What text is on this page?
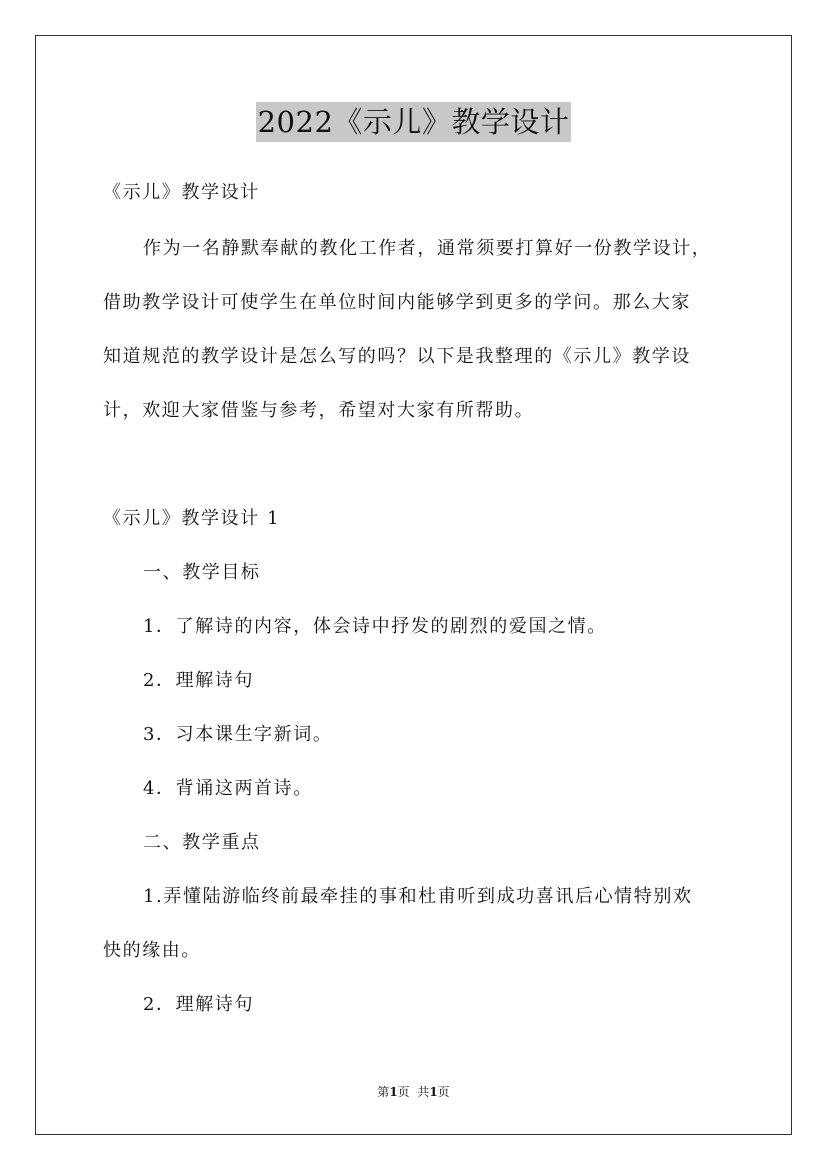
2022《示儿》教学设计
《示儿》教学设计
作为一名静默奉献的教化工作者，通常须要打算好一份教学设计，
借助教学设计可使学生在单位时间内能够学到更多的学问。那么大家
知道规范的教学设计是怎么写的吗？以下是我整理的《示儿》教学设
计，欢迎大家借鉴与参考，希望对大家有所帮助。
《示儿》教学设计 1
一、教学目标
1．了解诗的内容，体会诗中抒发的剧烈的爱国之情。
2．理解诗句
3．习本课生字新词。
4．背诵这两首诗。
二、教学重点
1.弄懂陆游临终前最牵挂的事和杜甫听到成功喜讯后心情特别欢
快的缘由。
2．理解诗句
第1页  共1页
